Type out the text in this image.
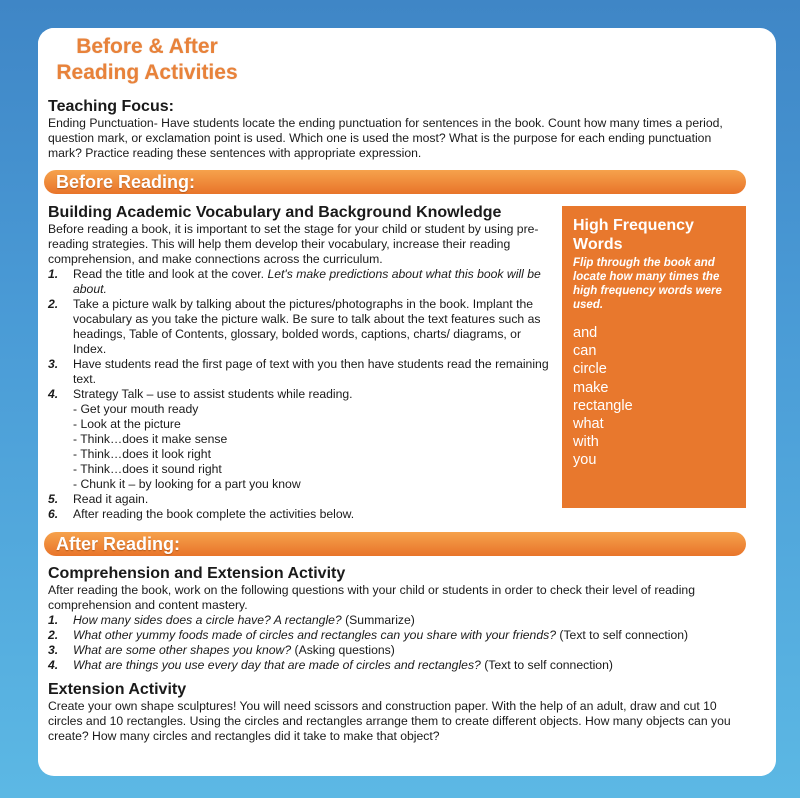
Before & After
Reading Activities
Level: D Word Count: 133
100th word: circle pg. 17
Teaching Focus:
Ending Punctuation- Have students locate the ending punctuation for sentences in the book. Count how many times a period, question mark, or exclamation point is used. Which one is used the most? What is the purpose for each ending punctuation mark? Practice reading these sentences with appropriate expression.
Before Reading:
Building Academic Vocabulary and Background Knowledge
Before reading a book, it is important to set the stage for your child or student by using pre-reading strategies. This will help them develop their vocabulary, increase their reading comprehension, and make connections across the curriculum.
1. Read the title and look at the cover. Let's make predictions about what this book will be about.
2. Take a picture walk by talking about the pictures/photographs in the book. Implant the vocabulary as you take the picture walk. Be sure to talk about the text features such as headings, Table of Contents, glossary, bolded words, captions, charts/ diagrams, or Index.
3. Have students read the first page of text with you then have students read the remaining text.
4. Strategy Talk – use to assist students while reading.
- Get your mouth ready
- Look at the picture
- Think…does it make sense
- Think…does it look right
- Think…does it sound right
- Chunk it – by looking for a part you know
5. Read it again.
6. After reading the book complete the activities below.
High Frequency Words
Flip through the book and locate how many times the high frequency words were used.
and
can
circle
make
rectangle
what
with
you
After Reading:
Comprehension and Extension Activity
After reading the book, work on the following questions with your child or students in order to check their level of reading comprehension and content mastery.
1. How many sides does a circle have? A rectangle? (Summarize)
2. What other yummy foods made of circles and rectangles can you share with your friends? (Text to self connection)
3. What are some other shapes you know? (Asking questions)
4. What are things you use every day that are made of circles and rectangles? (Text to self connection)
Extension Activity
Create your own shape sculptures! You will need scissors and construction paper. With the help of an adult, draw and cut 10 circles and 10 rectangles. Using the circles and rectangles arrange them to create different objects. How many objects can you create? How many circles and rectangles did it take to make that object?
